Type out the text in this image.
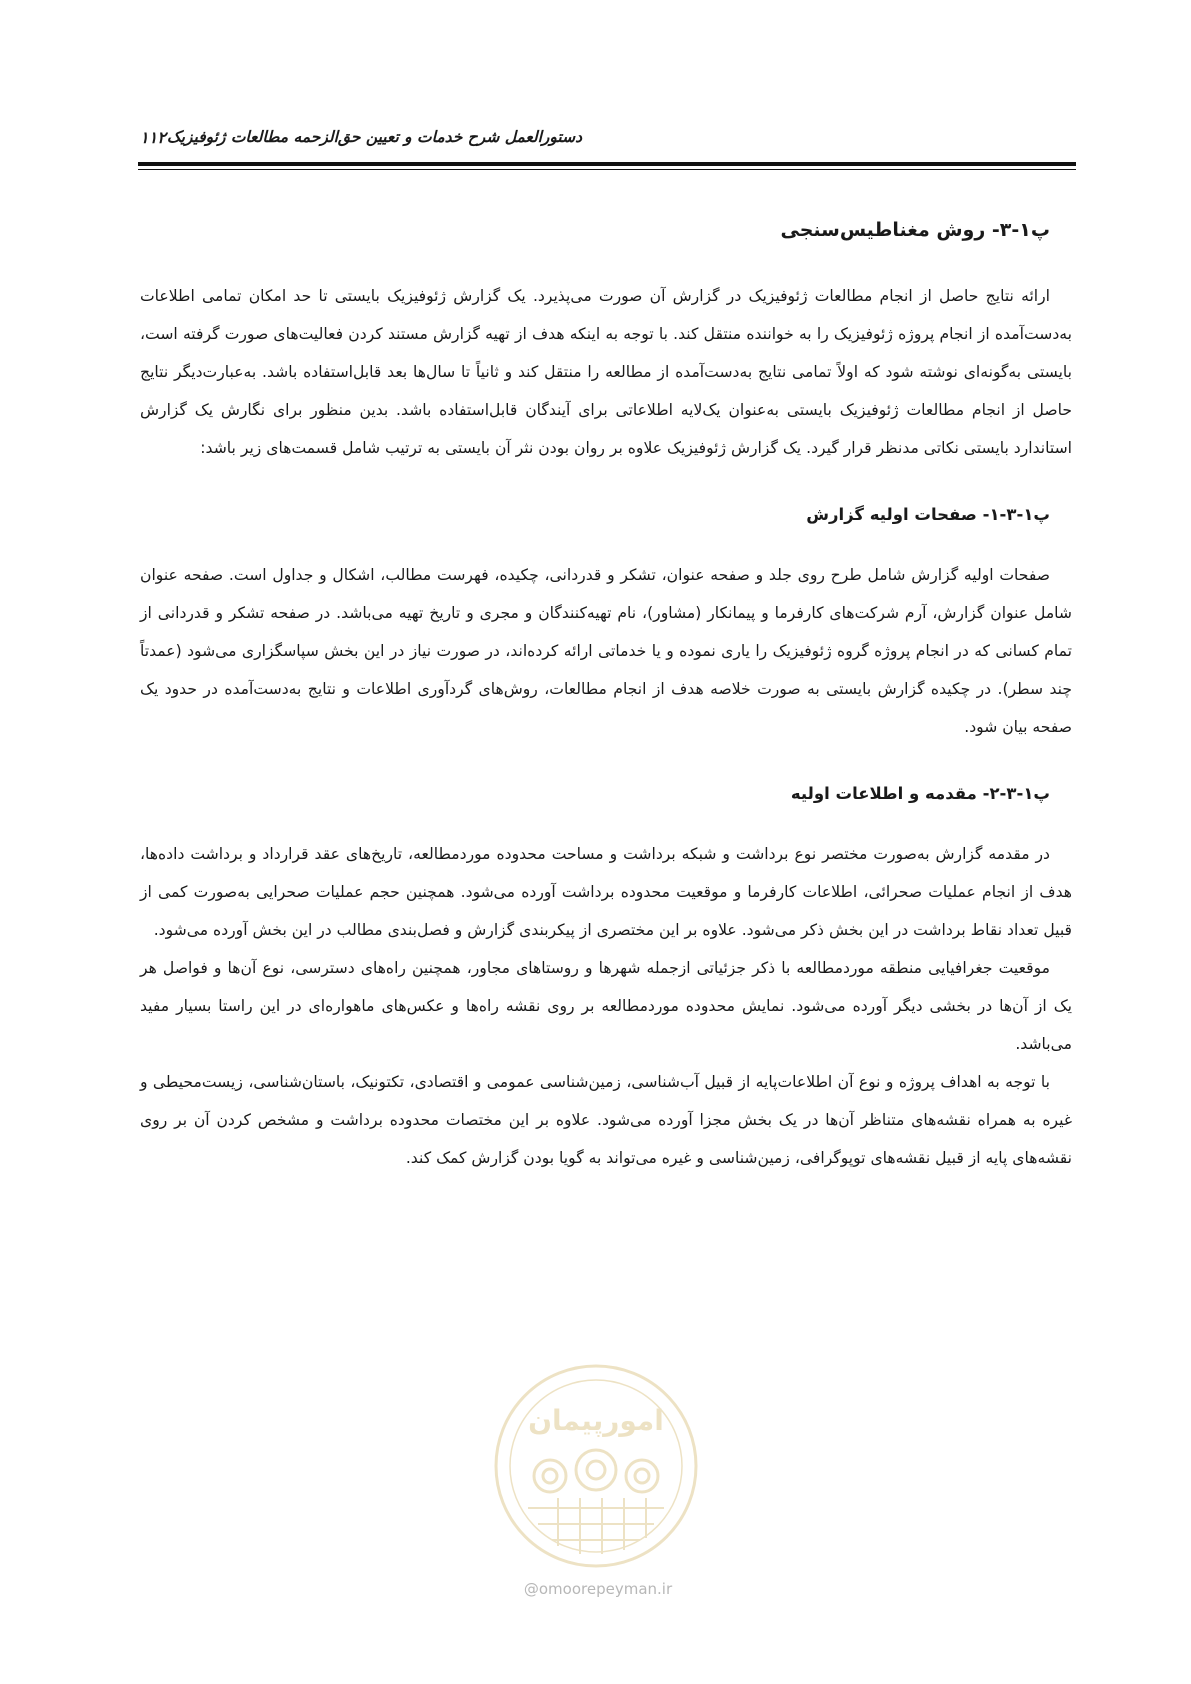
۱۱۲ دستورالعمل شرح خدمات و تعیین حق‌الزحمه مطالعات ژئوفیزیک
پ۱-۳- روش مغناطیس‌سنجی

ارائه نتایج حاصل از انجام مطالعات ژئوفیزیک در گزارش آن صورت می‌پذیرد. یک گزارش ژئوفیزیک بایستی تا حد امکان تمامی اطلاعات به‌دست‌آمده از انجام پروژه ژئوفیزیک را به خواننده منتقل کند. با توجه به اینکه هدف از تهیه گزارش مستند کردن فعالیت‌های صورت گرفته است، بایستی به‌گونه‌ای نوشته شود که اولاً تمامی نتایج به‌دست‌آمده از مطالعه را منتقل کند و ثانیاً تا سال‌ها بعد قابل‌استفاده باشد. به‌عبارت‌دیگر نتایج حاصل از انجام مطالعات ژئوفیزیک بایستی به‌عنوان یک‌لایه اطلاعاتی برای آیندگان قابل‌استفاده باشد. بدین منظور برای نگارش یک گزارش استاندارد بایستی نکاتی مدنظر قرار گیرد. یک گزارش ژئوفیزیک علاوه بر روان بودن نثر آن بایستی به ترتیب شامل قسمت‌های زیر باشد:

پ۱-۳-۱- صفحات اولیه گزارش

صفحات اولیه گزارش شامل طرح روی جلد و صفحه عنوان، تشکر و قدردانی، چکیده، فهرست مطالب، اشکال و جداول است. صفحه عنوان شامل عنوان گزارش، آرم شرکت‌های کارفرما و پیمانکار (مشاور)، نام تهیه‌کنندگان و مجری و تاریخ تهیه می‌باشد. در صفحه تشکر و قدردانی از تمام کسانی که در انجام پروژه گروه ژئوفیزیک را یاری نموده و یا خدماتی ارائه کرده‌اند، در صورت نیاز در این بخش سپاسگزاری می‌شود (عمدتاً چند سطر). در چکیده گزارش بایستی به صورت خلاصه هدف از انجام مطالعات، روش‌های گردآوری اطلاعات و نتایج به‌دست‌آمده در حدود یک صفحه بیان شود.

پ۱-۳-۲- مقدمه و اطلاعات اولیه

در مقدمه گزارش به‌صورت مختصر نوع برداشت و شبکه برداشت و مساحت محدوده موردمطالعه، تاریخ‌های عقد قرارداد و برداشت داده‌ها، هدف از انجام عملیات صحرائی، اطلاعات کارفرما و موقعیت محدوده برداشت آورده می‌شود. همچنین حجم عملیات صحرایی به‌صورت کمی از قبیل تعداد نقاط برداشت در این بخش ذکر می‌شود. علاوه بر این مختصری از پیکربندی گزارش و فصل‌بندی مطالب در این بخش آورده می‌شود.

موقعیت جغرافیایی منطقه موردمطالعه با ذکر جزئیاتی ازجمله شهرها و روستاهای مجاور، همچنین راه‌های دسترسی، نوع آن‌ها و فواصل هر یک از آن‌ها در بخشی دیگر آورده می‌شود. نمایش محدوده موردمطالعه بر روی نقشه راه‌ها و عکس‌های ماهواره‌ای در این راستا بسیار مفید می‌باشد.

با توجه به اهداف پروژه و نوع آن اطلاعات‌پایه از قبیل آب‌شناسی، زمین‌شناسی عمومی و اقتصادی، تکتونیک، باستان‌شناسی، زیست‌محیطی و غیره به همراه نقشه‌های متناظر آن‌ها در یک بخش مجزا آورده می‌شود. علاوه بر این مختصات محدوده برداشت و مشخص کردن آن بر روی نقشه‌های پایه از قبیل نقشه‌های توپوگرافی، زمین‌شناسی و غیره می‌تواند به گویا بودن گزارش کمک کند.

امورپیمان
@omoorepeyman.ir
